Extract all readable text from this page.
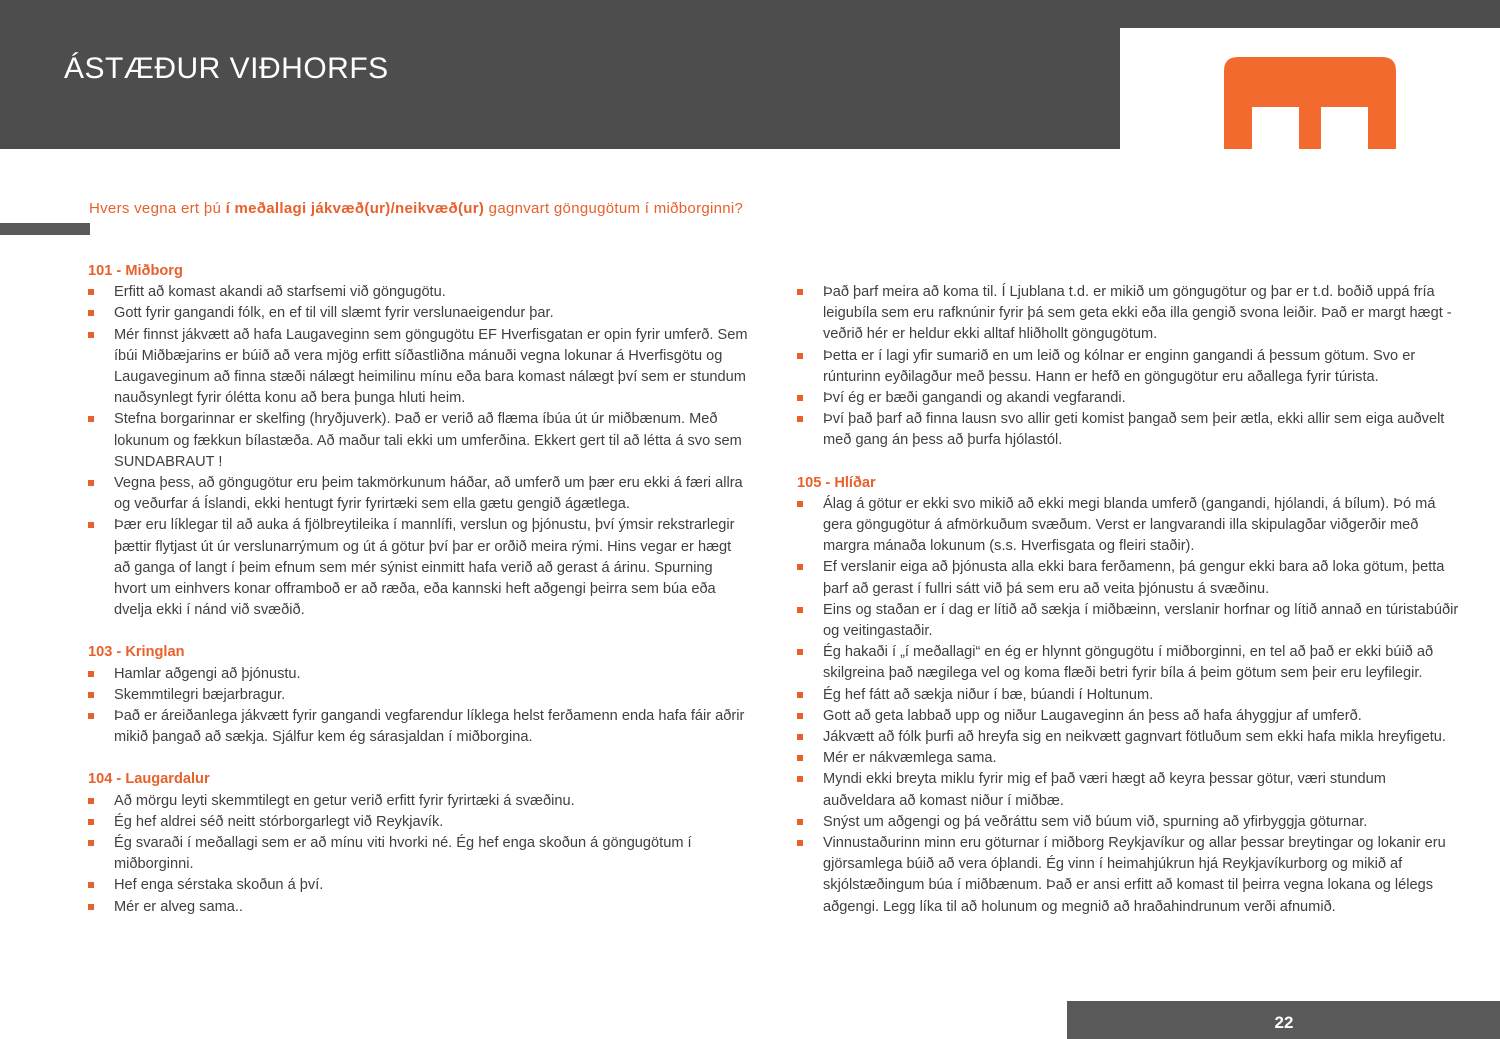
ÁSTÆÐUR VIÐHORFS
Hvers vegna ert þú í meðallagi jákvæð(ur)/neikvæð(ur) gagnvart göngugötum í miðborginni?
101 - Miðborg
Erfitt að komast akandi að starfsemi við göngugötu.
Gott fyrir gangandi fólk, en ef til vill slæmt fyrir verslunaeigendur þar.
Mér finnst jákvætt að hafa Laugaveginn sem göngugötu EF Hverfisgatan er opin fyrir umferð. Sem íbúi Miðbæjarins er búið að vera mjög erfitt síðastliðna mánuði vegna lokunar á Hverfisgötu og Laugaveginum að finna stæði nálægt heimilinu mínu eða bara komast nálægt því sem er stundum nauðsynlegt fyrir ólétta konu að bera þunga hluti heim.
Stefna borgarinnar er skelfing (hryðjuverk). Það er verið að flæma íbúa út úr miðbænum. Með lokunum og fækkun bílastæða. Að maður tali ekki um umferðina. Ekkert gert til að létta á svo sem SUNDABRAUT !
Vegna þess, að göngugötur eru þeim takmörkunum háðar, að umferð um þær eru ekki á færi allra og veðurfar á Íslandi, ekki hentugt fyrir fyrirtæki sem ella gætu gengið ágætlega.
Þær eru líklegar til að auka á fjölbreytileika í mannlífi, verslun og þjónustu, því ýmsir rekstrarlegir þættir flytjast út úr verslunarrýmum og út á götur því þar er orðið meira rými. Hins vegar er hægt að ganga of langt í þeim efnum sem mér sýnist einmitt hafa verið að gerast á árinu. Spurning hvort um einhvers konar offramboð er að ræða, eða kannski heft aðgengi þeirra sem búa eða dvelja ekki í nánd við svæðið.
103 - Kringlan
Hamlar aðgengi að þjónustu.
Skemmtilegri bæjarbragur.
Það er áreiðanlega jákvætt fyrir gangandi vegfarendur líklega helst ferðamenn enda hafa fáir aðrir mikið þangað að sækja. Sjálfur kem ég sárasjaldan í miðborgina.
104 - Laugardalur
Að mörgu leyti skemmtilegt en getur verið erfitt fyrir fyrirtæki á svæðinu.
Ég hef aldrei séð neitt stórborgarlegt við Reykjavík.
Ég svaraði í meðallagi sem er að mínu viti hvorki né. Ég hef enga skoðun á göngugötum í miðborginni.
Hef enga sérstaka skoðun á því.
Mér er alveg sama..
Það þarf meira að koma til. Í Ljublana t.d. er mikið um göngugötur og þar er t.d. boðið uppá fría leigubíla sem eru rafknúnir fyrir þá sem geta ekki eða illa gengið svona leiðir. Það er margt hægt - veðrið hér er heldur ekki alltaf hliðhollt göngugötum.
Þetta er í lagi yfir sumarið en um leið og kólnar er enginn gangandi á þessum götum. Svo er rúnturinn eyðilagður með þessu. Hann er hefð en göngugötur eru aðallega fyrir túrista.
Því ég er bæði gangandi og akandi vegfarandi.
Því það þarf að finna lausn svo allir geti komist þangað sem þeir ætla, ekki allir sem eiga auðvelt með gang án þess að þurfa hjólastól.
105 - Hlíðar
Álag á götur er ekki svo mikið að ekki megi blanda umferð (gangandi, hjólandi, á bílum). Þó má gera göngugötur á afmörkuðum svæðum. Verst er langvarandi illa skipulagðar viðgerðir með margra mánaða lokunum (s.s. Hverfisgata og fleiri staðir).
Ef verslanir eiga að þjónusta alla ekki bara ferðamenn, þá gengur ekki bara að loka götum, þetta þarf að gerast í fullri sátt við þá sem eru að veita þjónustu á svæðinu.
Eins og staðan er í dag er lítið að sækja í miðbæinn, verslanir horfnar og lítið annað en túristabúðir og veitingastaðir.
Ég hakaði í „í meðallagi“ en ég er hlynnt göngugötu í miðborginni, en tel að það er ekki búið að skilgreina það nægilega vel og koma flæði betri fyrir bíla á þeim götum sem þeir eru leyfilegir.
Ég hef fátt að sækja niður í bæ, búandi í Holtunum.
Gott að geta labbað upp og niður Laugaveginn án þess að hafa áhyggjur af umferð.
Jákvætt að fólk þurfi að hreyfa sig en neikvætt gagnvart fötluðum sem ekki hafa mikla hreyfigetu.
Mér er nákvæmlega sama.
Myndi ekki breyta miklu fyrir mig ef það væri hægt að keyra þessar götur, væri stundum auðveldara að komast niður í miðbæ.
Snýst um aðgengi og þá veðráttu sem við búum við, spurning að yfirbyggja göturnar.
Vinnustaðurinn minn eru göturnar í miðborg Reykjavíkur og allar þessar breytingar og lokanir eru gjörsamlega búið að vera óþlandi. Ég vinn í heimahjúkrun hjá Reykjavíkurborg og mikið af skjólstæðingum búa í miðbænum. Það er ansi erfitt að komast til þeirra vegna lokana og lélegs aðgengi. Legg líka til að holunum og megnið að hraðahindrunum verði afnumið.
22
